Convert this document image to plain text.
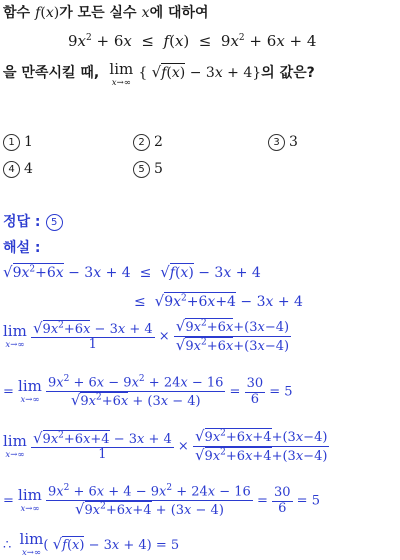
함수 f(x)가 모든 실수 x에 대하여
$9x^2 + 6x \le f(x) \le 9x^2 + 6x + 4$
을 만족시킬 때, lim
x→∞
{ √f(x) − 3x + 4}의 값은?
1 1	2 2	3 3
4 4	5 5
정답 : 5
해설 :
$√9x^2+6x - 3x + 4 \le √f(x) - 3x + 4$
≤  $√9x^2+6x+4 - 3x + 4$
lim
x→∞
$\frac{√9x^2+6x - 3x + 4}{1} \times \frac{√9x^2+6x+(3x-4)}{√9x^2+6x+(3x-4)}$
= lim
x→∞
$\frac{9x^2 + 6x - 9x^2 + 24x - 16}{√9x^2+6x + (3x - 4)} = \frac{30}{6} = 5$
lim
x→∞
$\frac{√9x^2+6x+4 - 3x + 4}{1} \times \frac{√9x^2+6x+4+(3x-4)}{√9x^2+6x+4+(3x-4)}$
= lim
x→∞
$\frac{9x^2 + 6x + 4 - 9x^2 + 24x - 16}{√9x^2+6x+4 + (3x - 4)} = \frac{30}{6} = 5$
∴  lim
x→∞ ( √f(x) − 3x + 4) = 5
